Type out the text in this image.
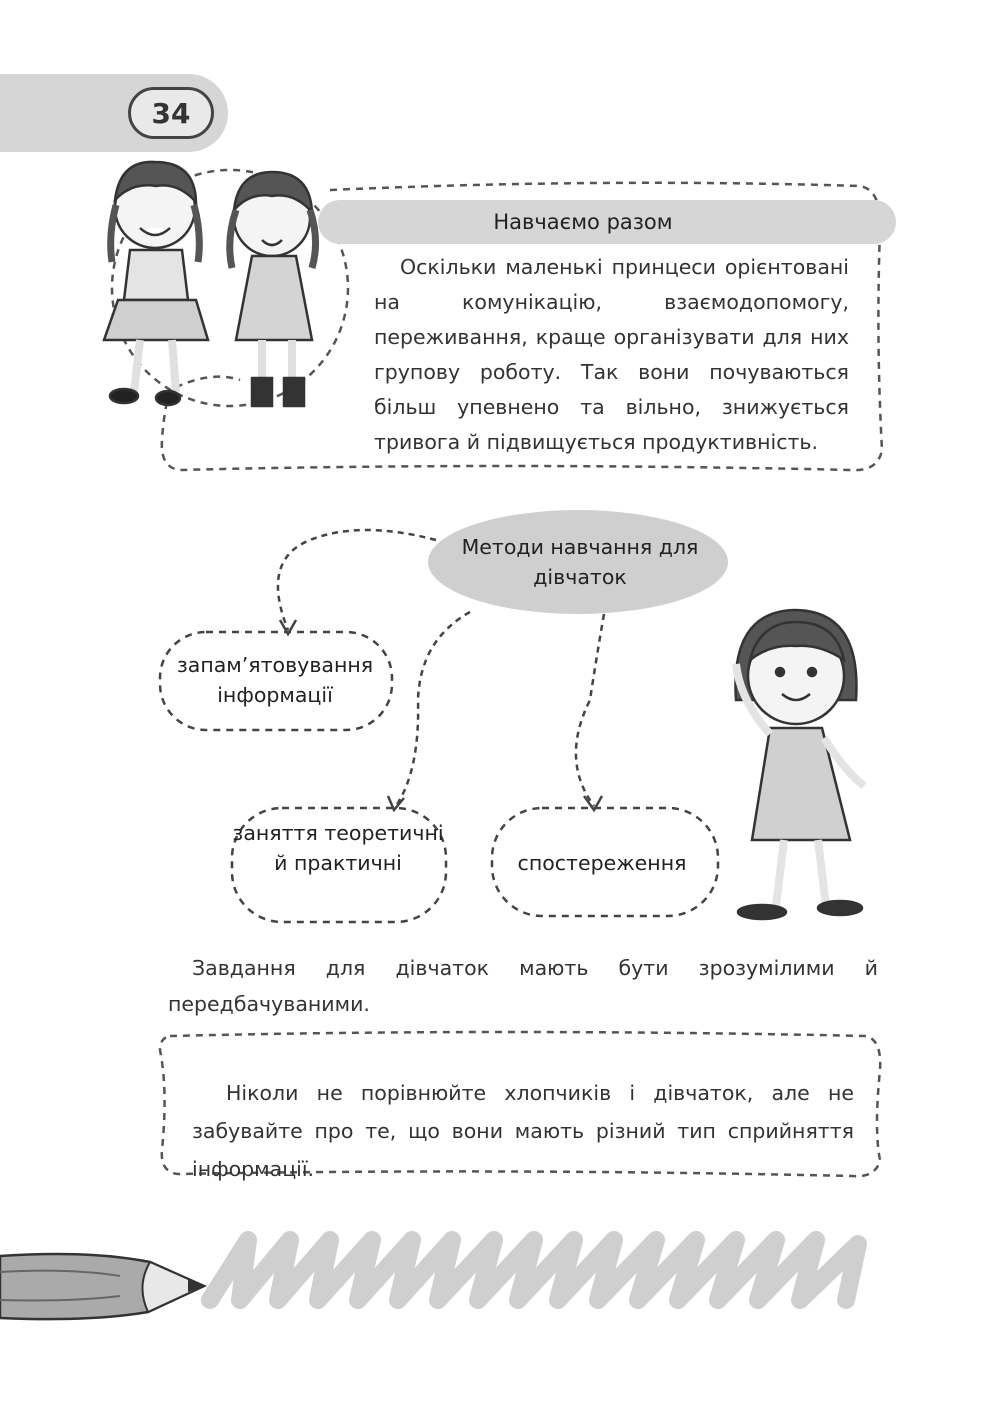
34
Навчаємо разом
Оскільки маленькі принцеси орієнтовані на комунікацію, взаємодопомогу, переживання, краще організувати для них групову роботу. Так вони почуваються більш упевнено та вільно, знижується тривога й підвищується продуктивність.
Методи навчання для дівчаток
запам’ятовування інформації
заняття теоретичні й практичні	спостереження
Завдання для дівчаток мають бути зрозумілими й передбачуваними.
Ніколи не порівнюйте хлопчиків і дівчаток, але не забувайте про те, що вони мають різний тип сприйняття інформації.
